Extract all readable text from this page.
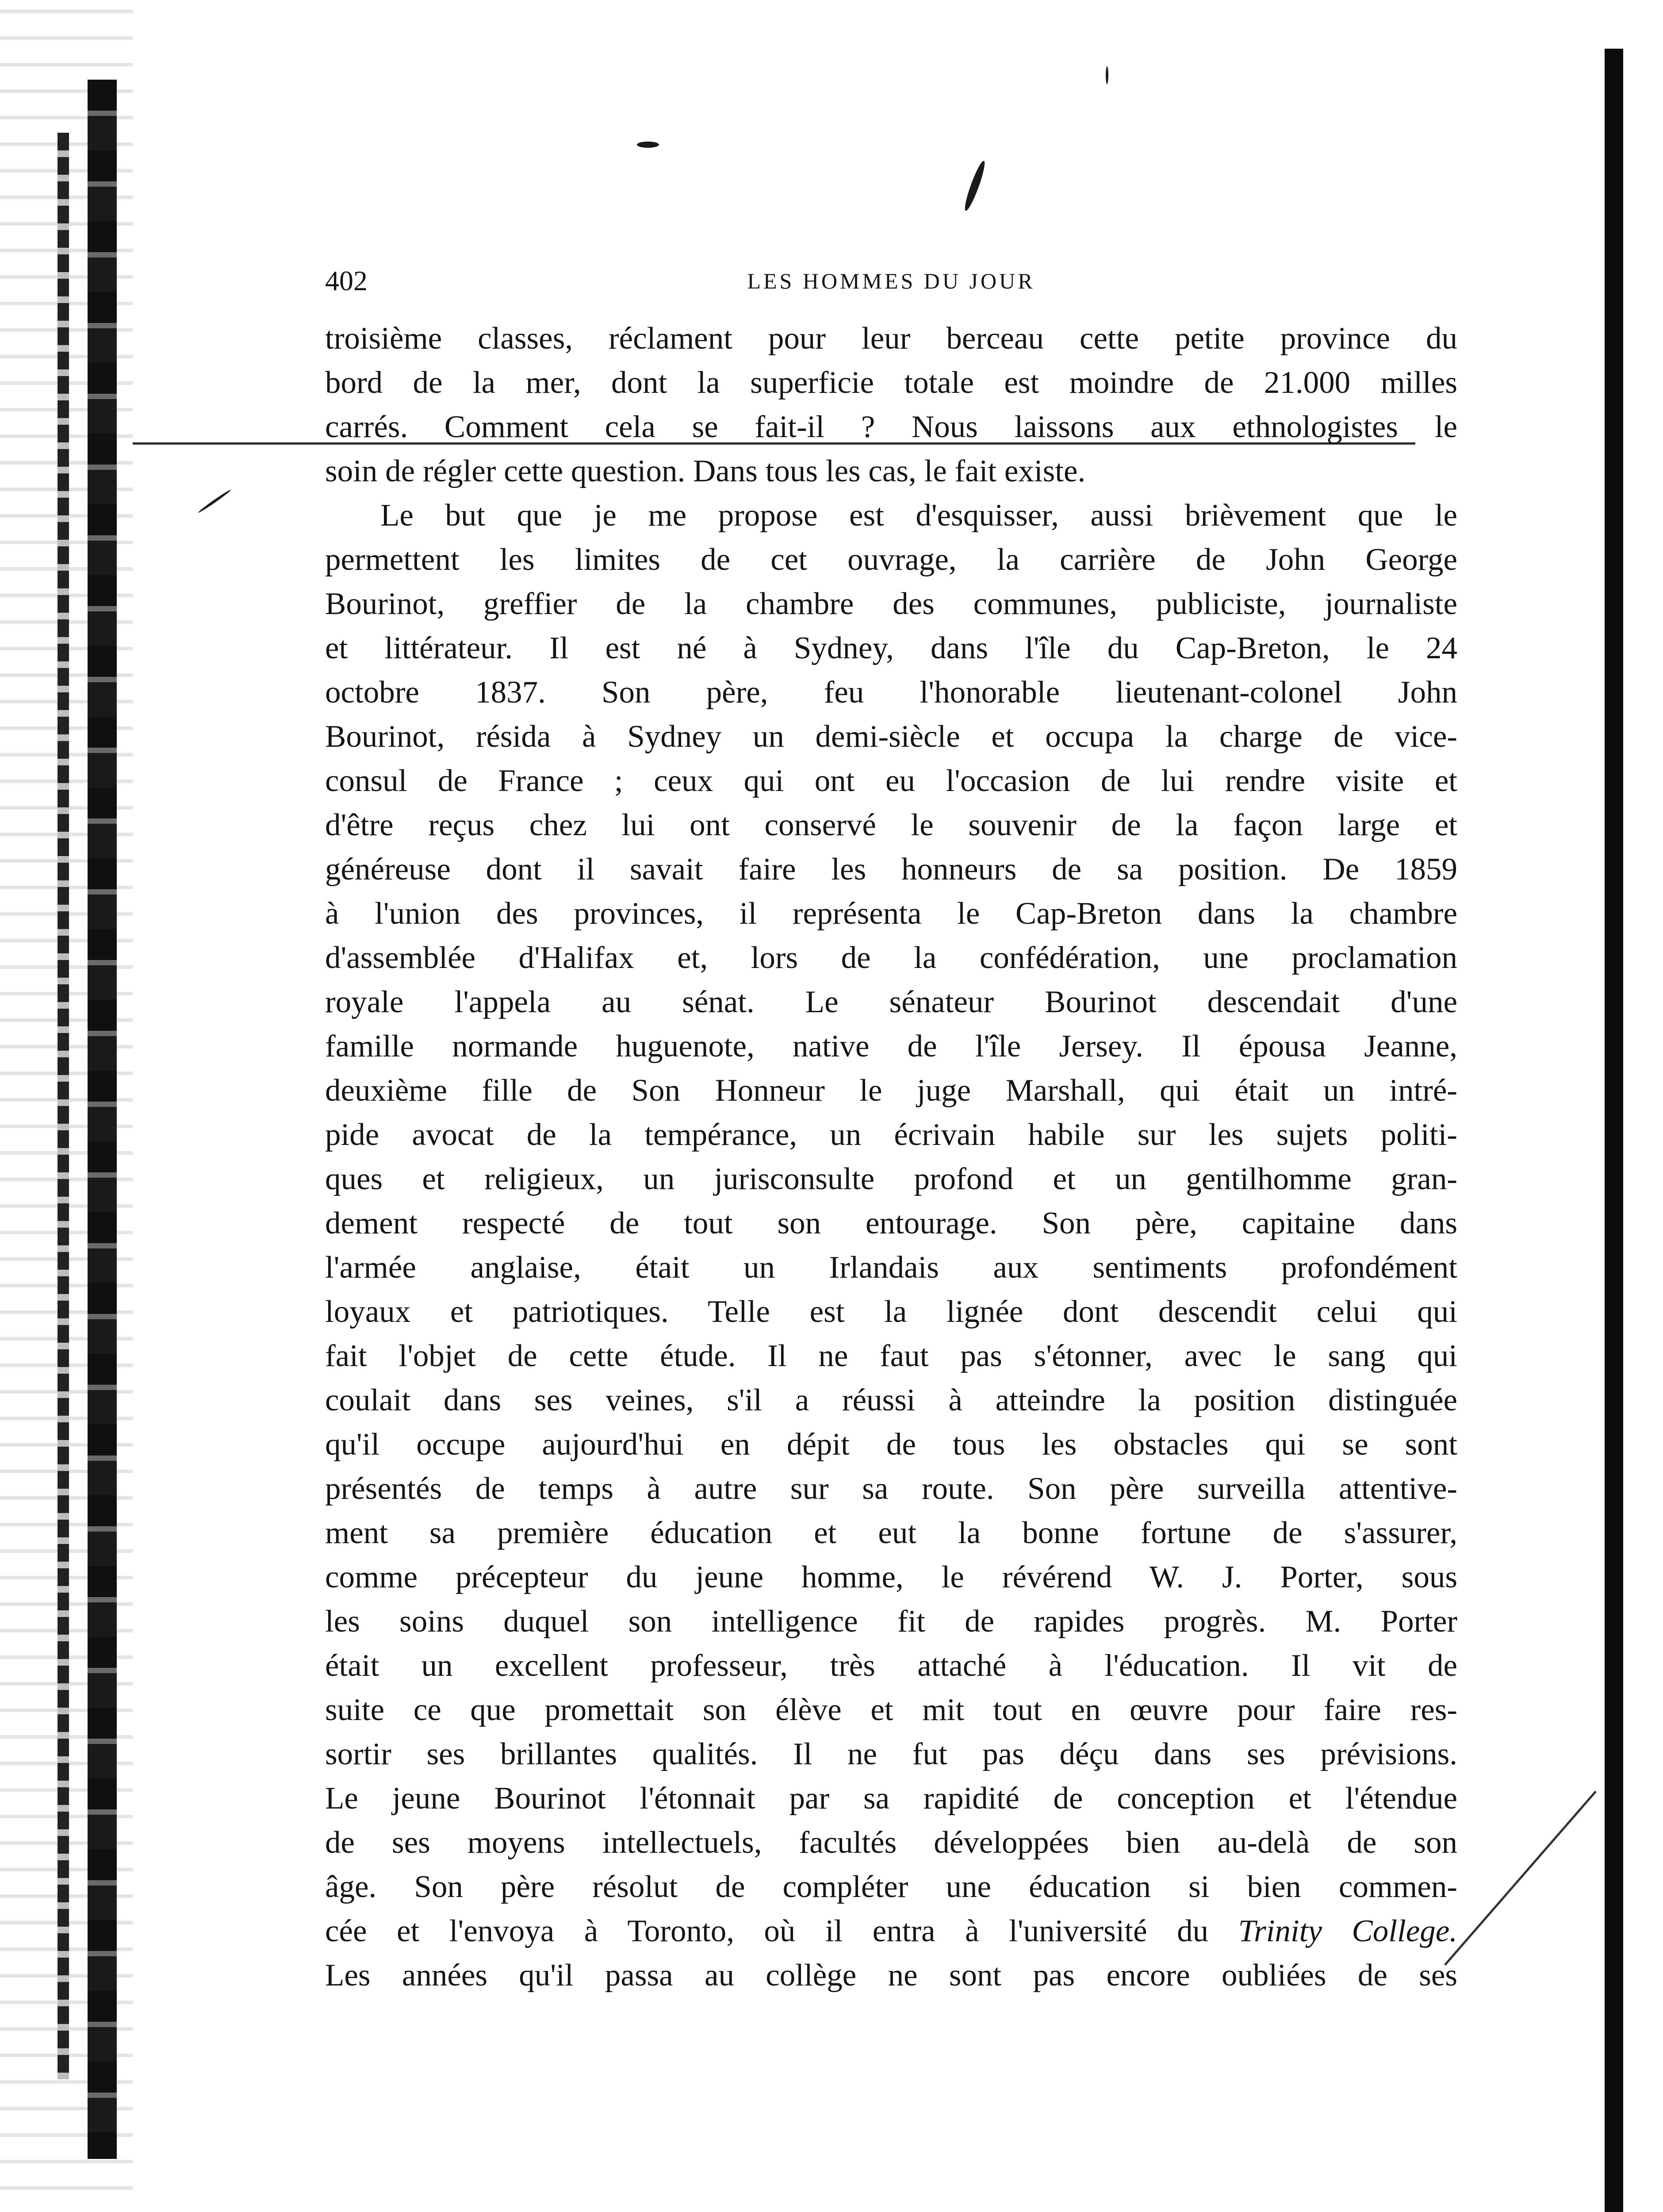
402	LES HOMMES DU JOUR
troisième classes, réclament pour leur berceau cette petite province du
bord de la mer, dont la superficie totale est moindre de 21.000 milles
carrés. Comment cela se fait-il ? Nous laissons aux ethnologistes le
soin de régler cette question. Dans tous les cas, le fait existe.
Le but que je me propose est d'esquisser, aussi brièvement que le
permettent les limites de cet ouvrage, la carrière de John George
Bourinot, greffier de la chambre des communes, publiciste, journaliste
et littérateur. Il est né à Sydney, dans l'île du Cap-Breton, le 24
octobre 1837. Son père, feu l'honorable lieutenant-colonel John
Bourinot, résida à Sydney un demi-siècle et occupa la charge de vice-
consul de France ; ceux qui ont eu l'occasion de lui rendre visite et
d'être reçus chez lui ont conservé le souvenir de la façon large et
généreuse dont il savait faire les honneurs de sa position. De 1859
à l'union des provinces, il représenta le Cap-Breton dans la chambre
d'assemblée d'Halifax et, lors de la confédération, une proclamation
royale l'appela au sénat. Le sénateur Bourinot descendait d'une
famille normande huguenote, native de l'île Jersey. Il épousa Jeanne,
deuxième fille de Son Honneur le juge Marshall, qui était un intré-
pide avocat de la tempérance, un écrivain habile sur les sujets politi-
ques et religieux, un jurisconsulte profond et un gentilhomme gran-
dement respecté de tout son entourage. Son père, capitaine dans
l'armée anglaise, était un Irlandais aux sentiments profondément
loyaux et patriotiques. Telle est la lignée dont descendit celui qui
fait l'objet de cette étude. Il ne faut pas s'étonner, avec le sang qui
coulait dans ses veines, s'il a réussi à atteindre la position distinguée
qu'il occupe aujourd'hui en dépit de tous les obstacles qui se sont
présentés de temps à autre sur sa route. Son père surveilla attentive-
ment sa première éducation et eut la bonne fortune de s'assurer,
comme précepteur du jeune homme, le révérend W. J. Porter, sous
les soins duquel son intelligence fit de rapides progrès. M. Porter
était un excellent professeur, très attaché à l'éducation. Il vit de
suite ce que promettait son élève et mit tout en œuvre pour faire res-
sortir ses brillantes qualités. Il ne fut pas déçu dans ses prévisions.
Le jeune Bourinot l'étonnait par sa rapidité de conception et l'étendue
de ses moyens intellectuels, facultés développées bien au-delà de son
âge. Son père résolut de compléter une éducation si bien commen-
cée et l'envoya à Toronto, où il entra à l'université du Trinity College.
Les années qu'il passa au collège ne sont pas encore oubliées de ses
